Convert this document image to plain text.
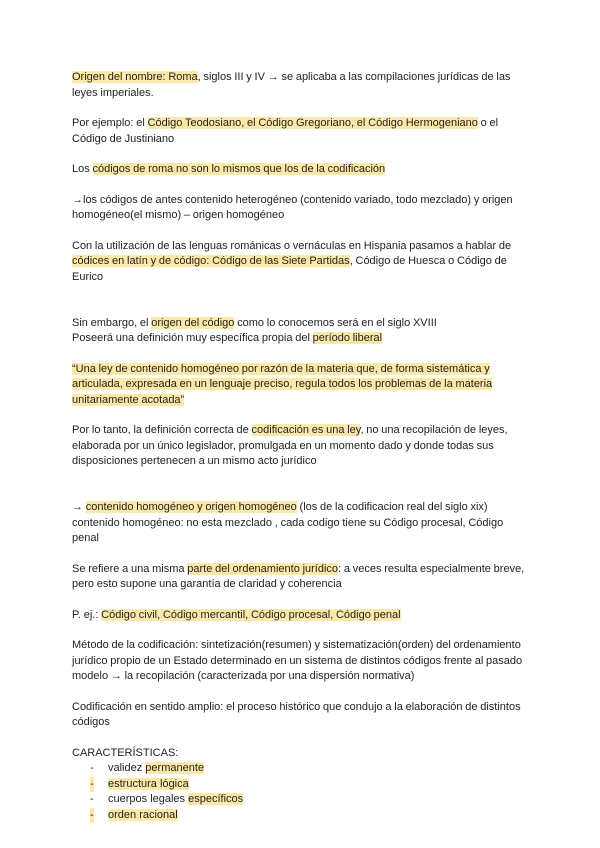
Origen del nombre: Roma, siglos III y IV → se aplicaba a las compilaciones jurídicas de las leyes imperiales.

Por ejemplo: el Código Teodosiano, el Código Gregoriano, el Código Hermogeniano o el Código de Justiniano

Los códigos de roma no son lo mismos que los de la codificación

→los códigos de antes contenido heterogéneo (contenido variado, todo mezclado) y origen homogéneo(el mismo) – origen homogéneo

Con la utilización de las lenguas románicas o vernáculas en Hispania pasamos a hablar de códices en latín y de código: Código de las Siete Partidas, Código de Huesca o Código de Eurico

Sin embargo, el origen del código como lo conocemos será en el siglo XVIII
Poseerá una definición muy específica propia del período liberal

“Una ley de contenido homogéneo por razón de la materia que, de forma sistemática y articulada, expresada en un lenguaje preciso, regula todos los problemas de la materia unitariamente acotada”

Por lo tanto, la definición correcta de codificación es una ley, no una recopilación de leyes, elaborada por un único legislador, promulgada en un momento dado y donde todas sus disposiciones pertenecen a un mismo acto jurídico

→ contenido homogéneo y origen homogéneo (los de la codificacion real del siglo xix)
contenido homogéneo: no esta mezclado , cada codigo tiene su Código procesal, Código penal

Se refiere a una misma parte del ordenamiento jurídico: a veces resulta especialmente breve, pero esto supone una garantía de claridad y coherencia

P. ej.: Código civil, Código mercantil, Código procesal, Código penal

Método de la codificación: sintetización(resumen) y sistematización(orden) del ordenamiento jurídico propio de un Estado determinado en un sistema de distintos códigos frente al pasado modelo → la recopilación (caracterizada por una dispersión normativa)

Codificación en sentido amplio: el proceso histórico que condujo a la elaboración de distintos códigos

CARACTERÍSTICAS:

- validez permanente
- estructura lógica
- cuerpos legales específicos
- orden racional
